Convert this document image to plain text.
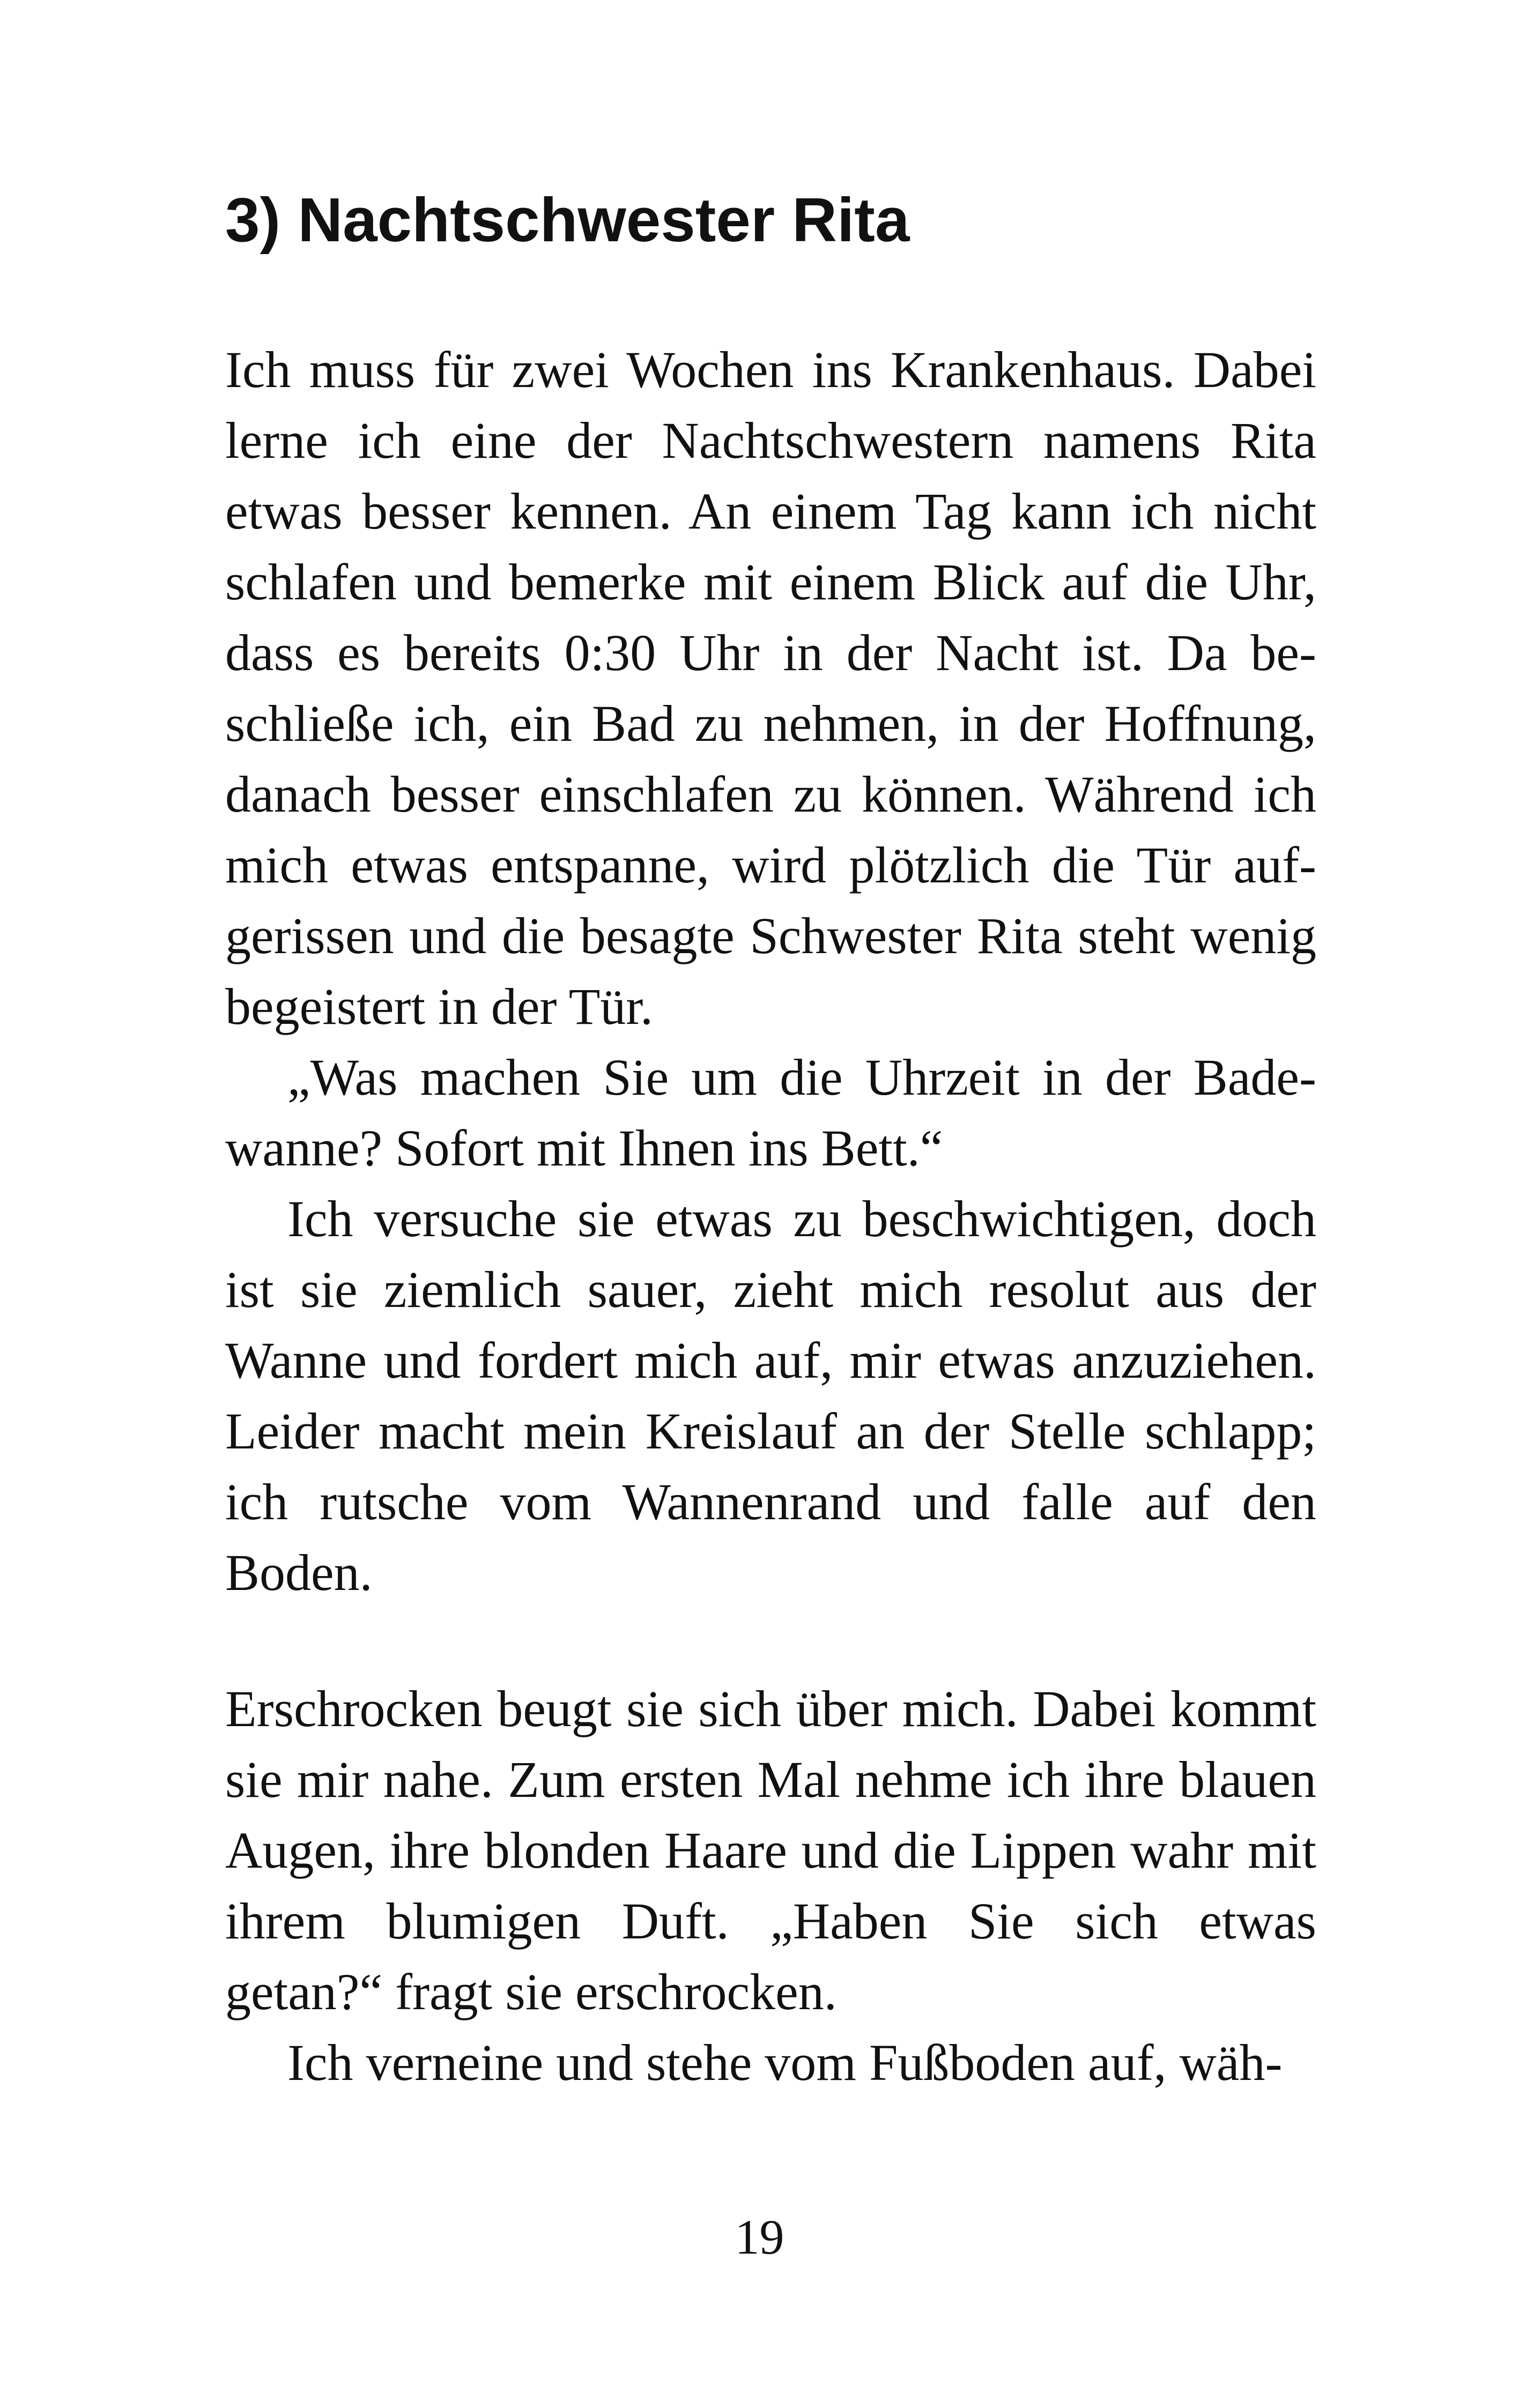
3) Nachtschwester Rita

Ich muss für zwei Wochen ins Krankenhaus. Dabei lerne ich eine der Nachtschwestern namens Rita etwas besser kennen. An einem Tag kann ich nicht schlafen und bemerke mit einem Blick auf die Uhr, dass es bereits 0:30 Uhr in der Nacht ist. Da beschließe ich, ein Bad zu nehmen, in der Hoffnung, danach besser einschlafen zu können. Während ich mich etwas entspanne, wird plötzlich die Tür aufgerissen und die besagte Schwester Rita steht wenig begeistert in der Tür.

„Was machen Sie um die Uhrzeit in der Badewanne? Sofort mit Ihnen ins Bett.“

Ich versuche sie etwas zu beschwichtigen, doch ist sie ziemlich sauer, zieht mich resolut aus der Wanne und fordert mich auf, mir etwas anzuziehen. Leider macht mein Kreislauf an der Stelle schlapp; ich rutsche vom Wannenrand und falle auf den Boden.

Erschrocken beugt sie sich über mich. Dabei kommt sie mir nahe. Zum ersten Mal nehme ich ihre blauen Augen, ihre blonden Haare und die Lippen wahr mit ihrem blumigen Duft. „Haben Sie sich etwas getan?“ fragt sie erschrocken.

Ich verneine und stehe vom Fußboden auf, wäh-

19
